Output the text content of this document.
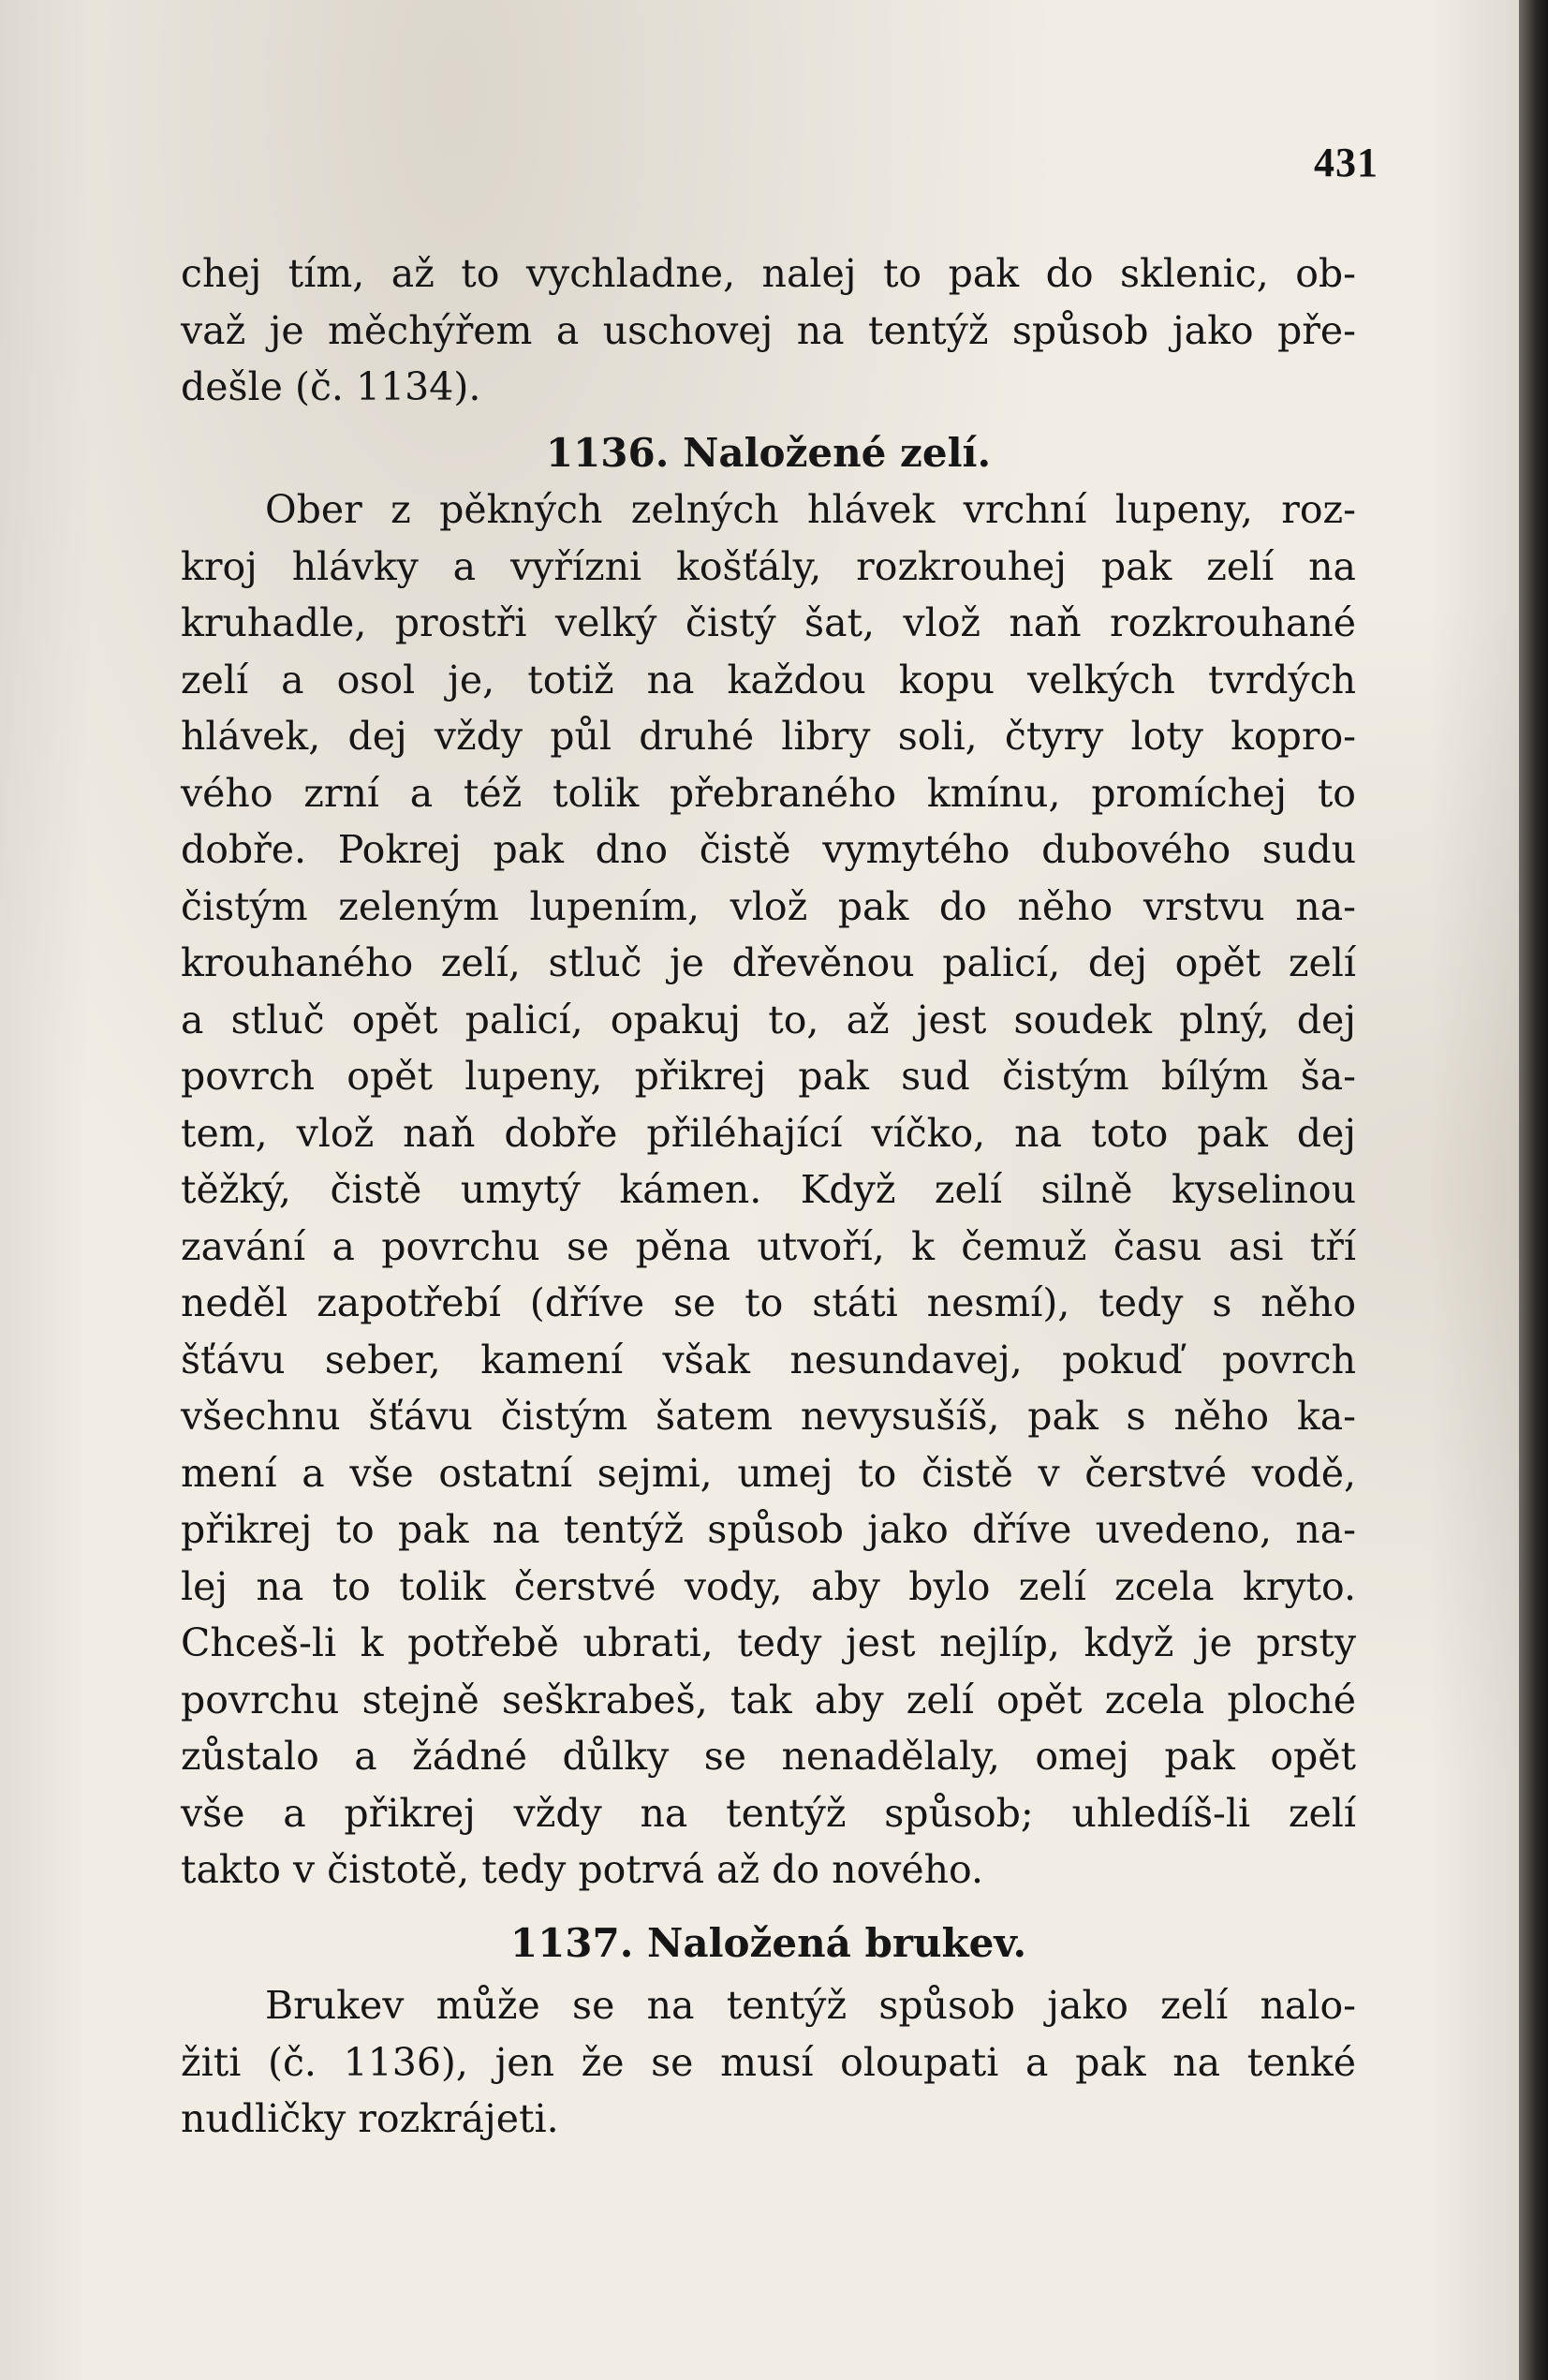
431
chej tím, až to vychladne, nalej to pak do sklenic, ob-
važ je měchýřem a uschovej na tentýž spůsob jako pře-
dešle (č. 1134).
1136. Naložené zelí.
Ober z pěkných zelných hlávek vrchní lupeny, roz-
kroj hlávky a vyřízni košťály, rozkrouhej pak zelí na
kruhadle, prostři velký čistý šat, vlož naň rozkrouhané
zelí a osol je, totiž na každou kopu velkých tvrdých
hlávek, dej vždy půl druhé libry soli, čtyry loty kopro-
vého zrní a též tolik přebraného kmínu, promíchej to
dobře. Pokrej pak dno čistě vymytého dubového sudu
čistým zeleným lupením, vlož pak do něho vrstvu na-
krouhaného zelí, stluč je dřevěnou palicí, dej opět zelí
a stluč opět palicí, opakuj to, až jest soudek plný, dej
povrch opět lupeny, přikrej pak sud čistým bílým ša-
tem, vlož naň dobře přiléhající víčko, na toto pak dej
těžký, čistě umytý kámen. Když zelí silně kyselinou
zavání a povrchu se pěna utvoří, k čemuž času asi tří
neděl zapotřebí (dříve se to státi nesmí), tedy s něho
šťávu seber, kamení však nesundavej, pokuď povrch
všechnu šťávu čistým šatem nevysušíš, pak s něho ka-
mení a vše ostatní sejmi, umej to čistě v čerstvé vodě,
přikrej to pak na tentýž spůsob jako dříve uvedeno, na-
lej na to tolik čerstvé vody, aby bylo zelí zcela kryto.
Chceš-li k potřebě ubrati, tedy jest nejlíp, když je prsty
povrchu stejně seškrabeš, tak aby zelí opět zcela ploché
zůstalo a žádné důlky se nenadělaly, omej pak opět
vše a přikrej vždy na tentýž spůsob; uhledíš-li zelí
takto v čistotě, tedy potrvá až do nového.
1137. Naložená brukev.
Brukev může se na tentýž spůsob jako zelí nalo-
žiti (č. 1136), jen že se musí oloupati a pak na tenké
nudličky rozkrájeti.
